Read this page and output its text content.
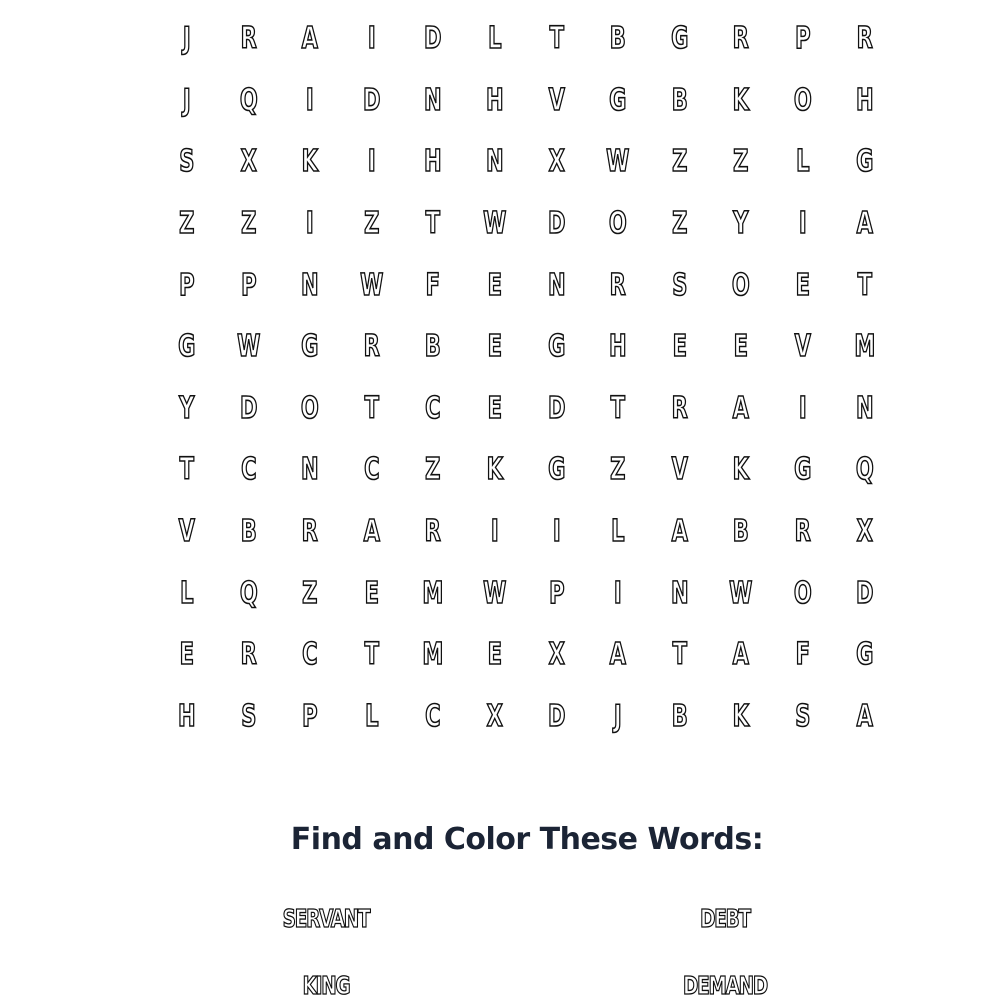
J	R	A	I	D	L	T	B	G	R	P	R
J	Q	I	D	N	H	V	G	B	K	O	H
S	X	K	I	H	N	X	W	Z	Z	L	G
Z	Z	I	Z	T	W	D	O	Z	Y	I	A
P	P	N	W	F	E	N	R	S	O	E	T
G	W	G	R	B	E	G	H	E	E	V	M
Y	D	O	T	C	E	D	T	R	A	I	N
T	C	N	C	Z	K	G	Z	V	K	G	Q
V	B	R	A	R	I	I	L	A	B	R	X
L	Q	Z	E	M	W	P	I	N	W	O	D
E	R	C	T	M	E	X	A	T	A	F	G
H	S	P	L	C	X	D	J	B	K	S	A
Find and Color These Words:
SERVANT	DEBT
KING	DEMAND
